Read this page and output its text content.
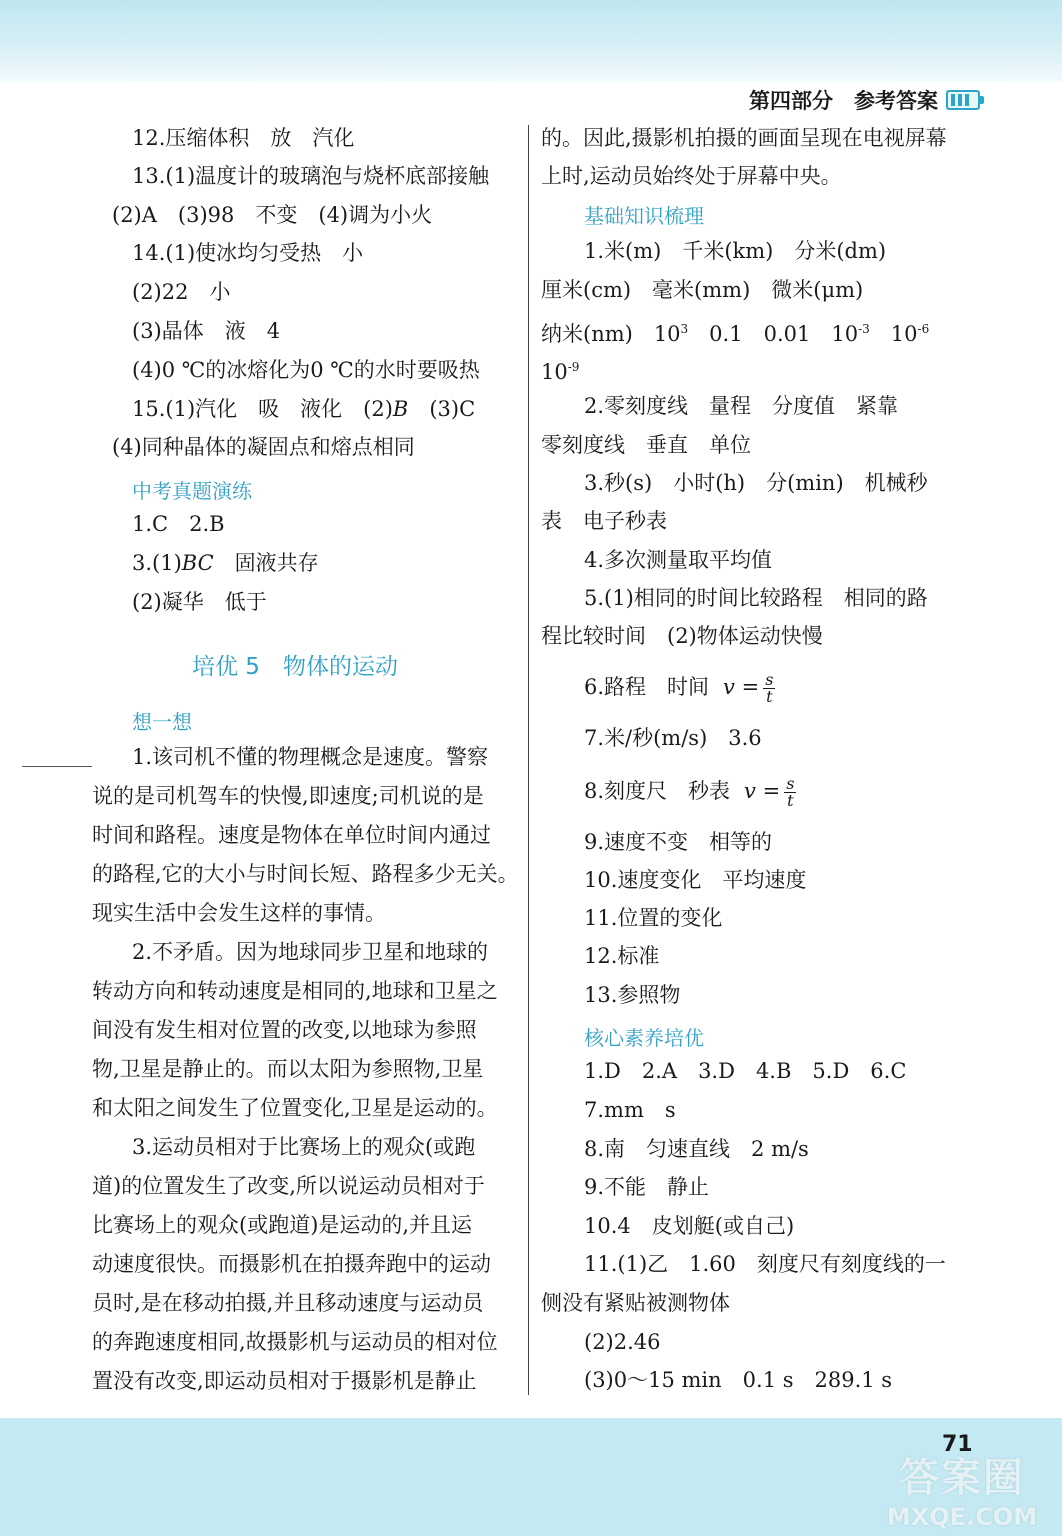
第四部分　参考答案
12.压缩体积　放　汽化
13.(1)温度计的玻璃泡与烧杯底部接触
(2)A　(3)98　不变　(4)调为小火
14.(1)使冰均匀受热　小
(2)22　小
(3)晶体　液　4
(4)0 ℃的冰熔化为0 ℃的水时要吸热
15.(1)汽化　吸　液化　(2)B　(3)C
(4)同种晶体的凝固点和熔点相同
中考真题演练
1.C　2.B
3.(1)BC　固液共存
(2)凝华　低于
培优 5　物体的运动
想一想
1.该司机不懂的物理概念是速度。警察
说的是司机驾车的快慢,即速度;司机说的是
时间和路程。速度是物体在单位时间内通过
的路程,它的大小与时间长短、路程多少无关。
现实生活中会发生这样的事情。
2.不矛盾。因为地球同步卫星和地球的
转动方向和转动速度是相同的,地球和卫星之
间没有发生相对位置的改变,以地球为参照
物,卫星是静止的。而以太阳为参照物,卫星
和太阳之间发生了位置变化,卫星是运动的。
3.运动员相对于比赛场上的观众(或跑
道)的位置发生了改变,所以说运动员相对于
比赛场上的观众(或跑道)是运动的,并且运
动速度很快。而摄影机在拍摄奔跑中的运动
员时,是在移动拍摄,并且移动速度与运动员
的奔跑速度相同,故摄影机与运动员的相对位
置没有改变,即运动员相对于摄影机是静止
的。因此,摄影机拍摄的画面呈现在电视屏幕
上时,运动员始终处于屏幕中央。
基础知识梳理
1.米(m)　千米(km)　分米(dm)
厘米(cm)　毫米(mm)　微米(μm)
纳米(nm)　$10^3$　0.1　0.01　$10^{-3}$　$10^{-6}$
$10^{-9}$
2.零刻度线　量程　分度值　紧靠
零刻度线　垂直　单位
3.秒(s)　小时(h)　分(min)　机械秒
表　电子秒表
4.多次测量取平均值
5.(1)相同的时间比较路程　相同的路
程比较时间　(2)物体运动快慢
6.路程　时间 $v = \frac{s}{t}$
7.米/秒(m/s)　3.6
8.刻度尺　秒表 $v = \frac{s}{t}$
9.速度不变　相等的
10.速度变化　平均速度
11.位置的变化
12.标准
13.参照物
核心素养培优
1.D　2.A　3.D　4.B　5.D　6.C
7.mm　s
8.南　匀速直线　2 m/s
9.不能　静止
10.4　皮划艇(或自己)
11.(1)乙　1.60　刻度尺有刻度线的一
侧没有紧贴被测物体
(2)2.46
(3)0～15 min　0.1 s　289.1 s
71
答案圈
MXQE.COM
